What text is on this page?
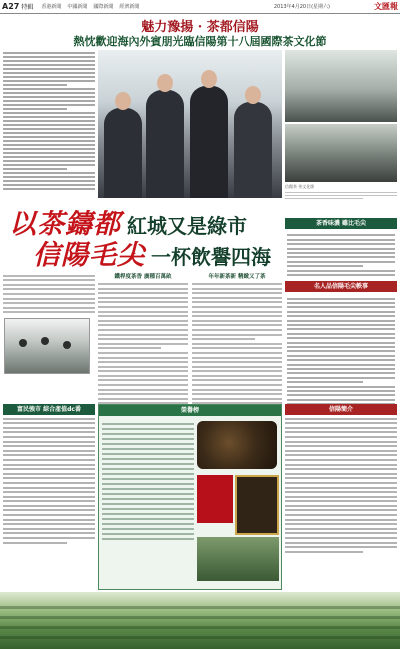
A27 特輯 香港新聞 中國新聞 國際新聞 經濟新聞	2013年4月20日(星期六)	文匯報
魅力豫揚 · 茶都信陽
熱忱歡迎海內外賓朋光臨信陽第十八屆國際茶文化節
信陽茶 茶文化節
以茶鑄都 紅城又是綠市
信陽毛尖 一杯飲譽四海
茶香味濃 雖比毛尖
名人品信陽毛尖軼事
鐵桿度茶香 廣種百萬畝	年年新茶新 精緻又了茶
富民強市 綜合產值dc番	榮譽榜	信陽簡介
